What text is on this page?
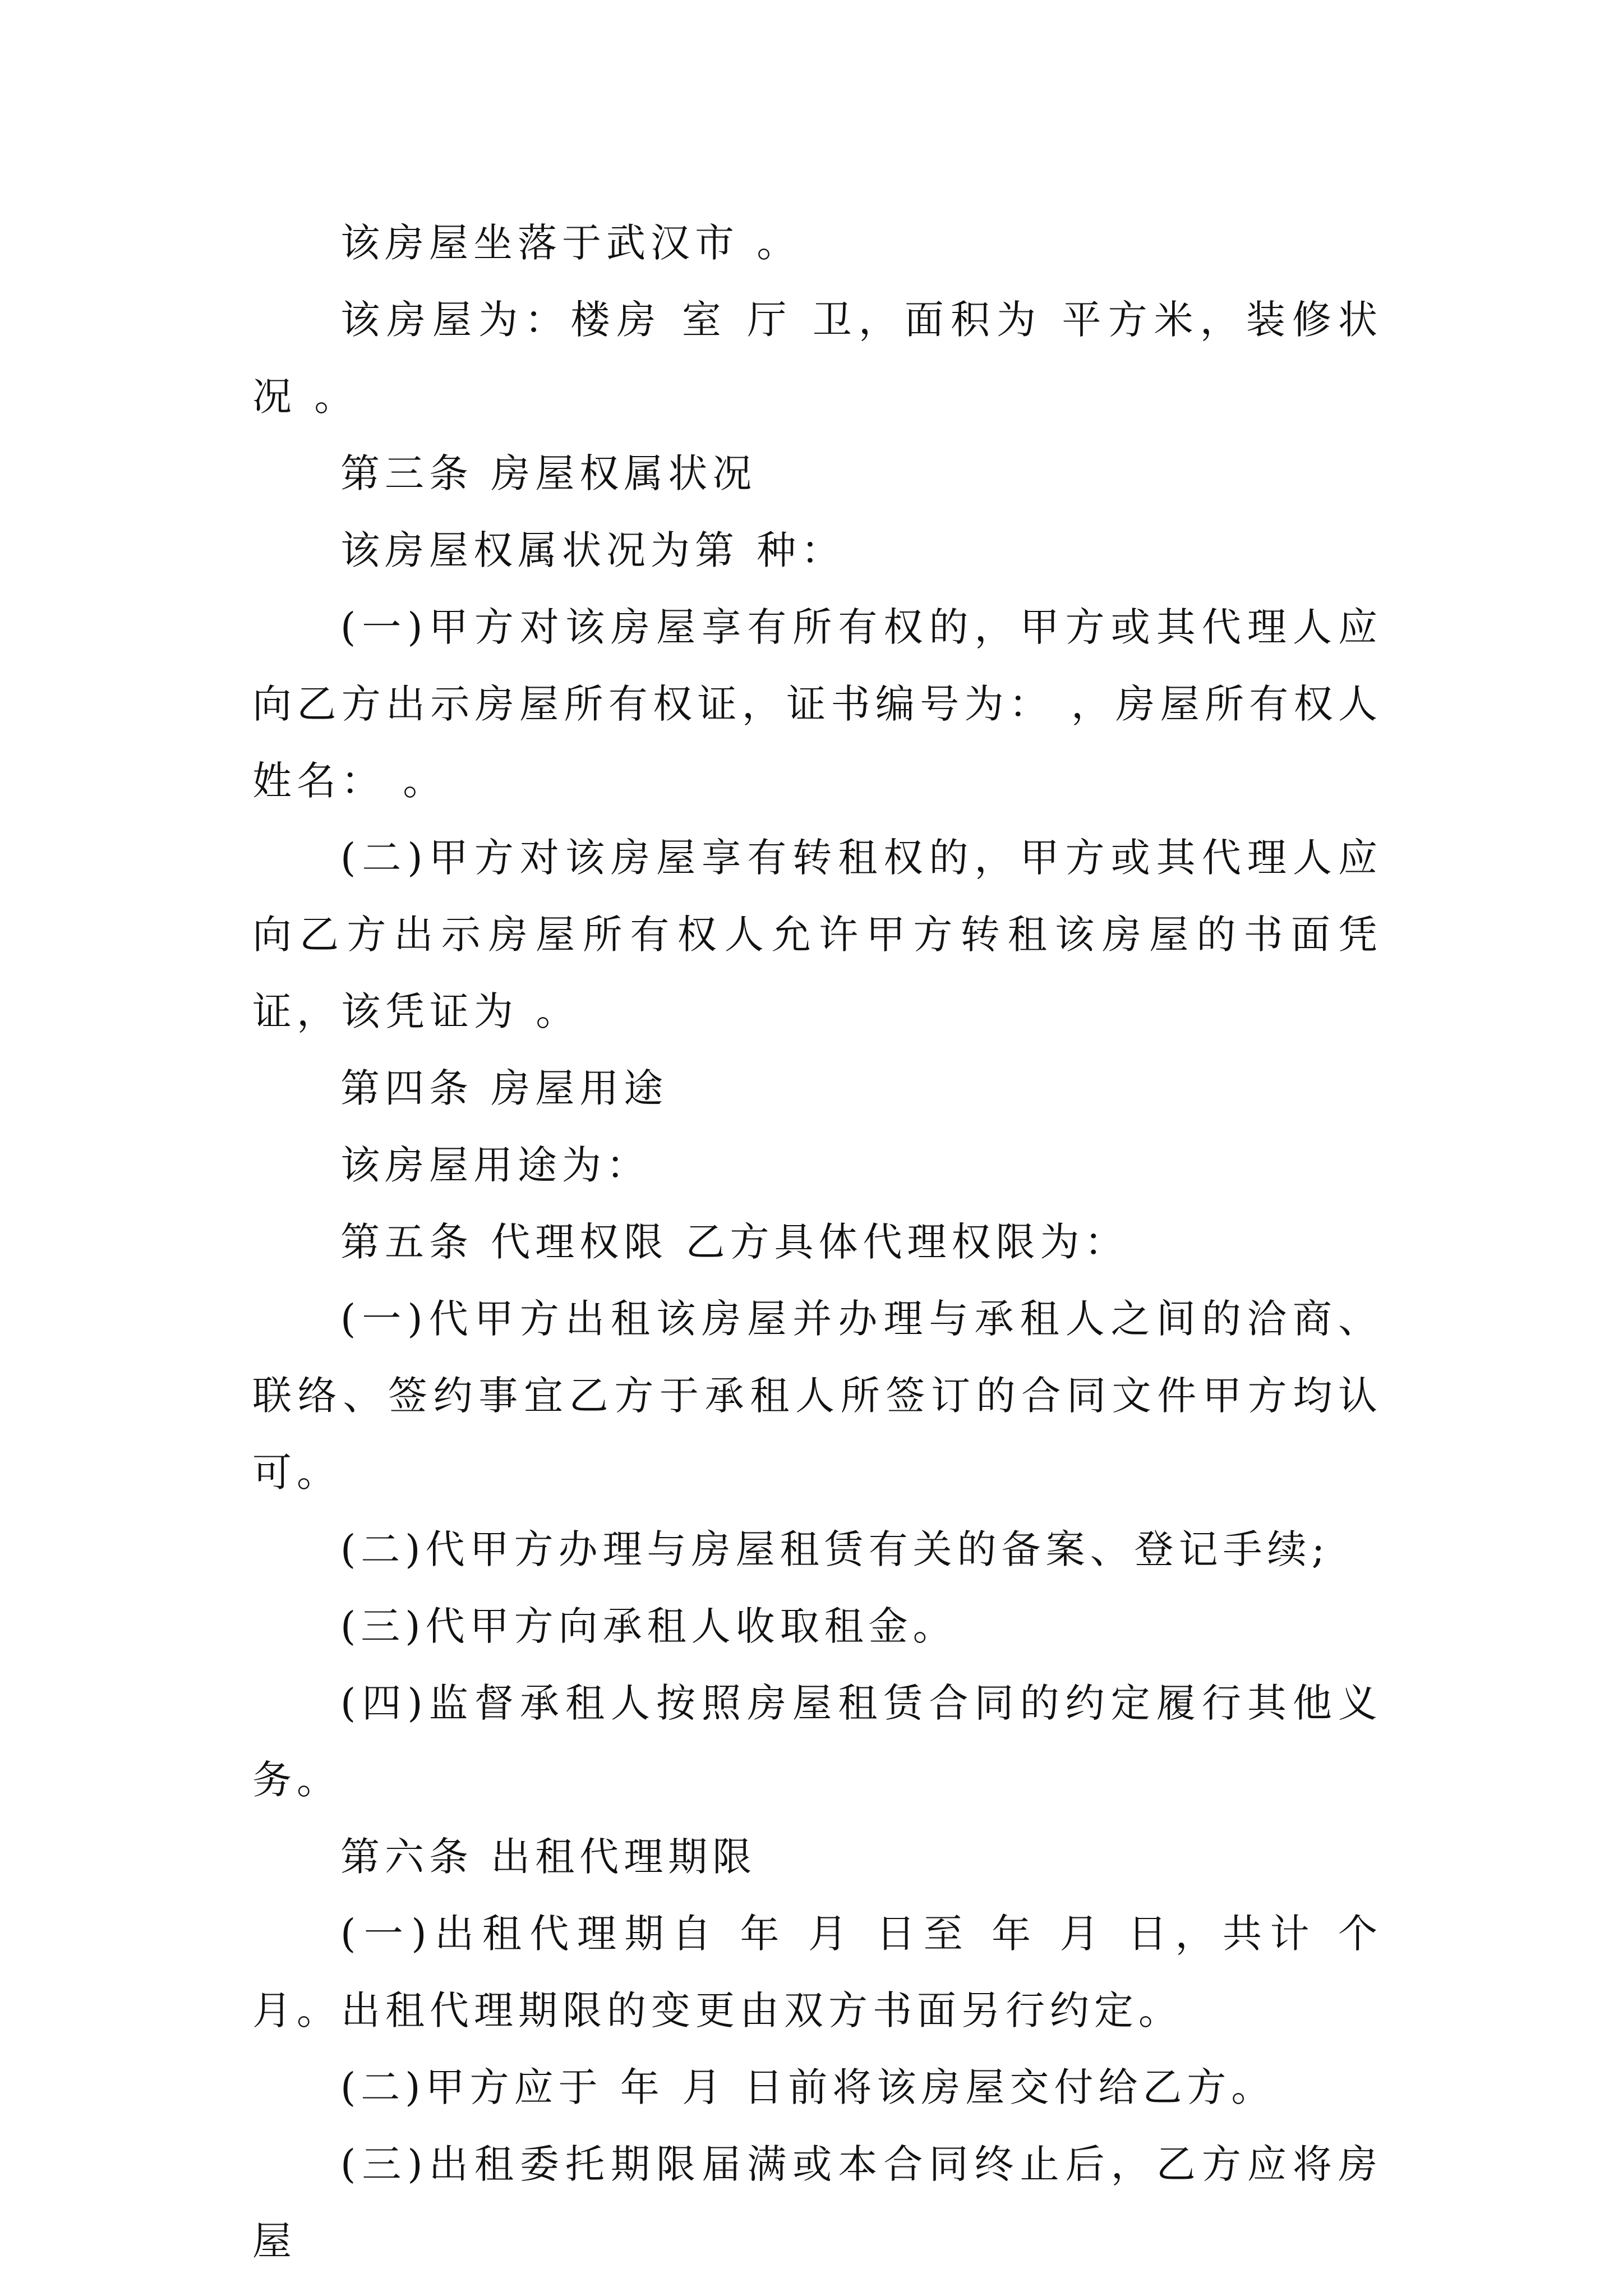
该房屋坐落于武汉市 。

该房屋为：楼房 室 厅 卫，面积为 平方米，装修状况 。

第三条 房屋权属状况

该房屋权属状况为第 种：

(一)甲方对该房屋享有所有权的，甲方或其代理人应向乙方出示房屋所有权证，证书编号为： ，房屋所有权人姓名： 。

(二)甲方对该房屋享有转租权的，甲方或其代理人应向乙方出示房屋所有权人允许甲方转租该房屋的书面凭证，该凭证为 。

第四条 房屋用途

该房屋用途为：

第五条 代理权限 乙方具体代理权限为：

(一)代甲方出租该房屋并办理与承租人之间的洽商、联络、签约事宜乙方于承租人所签订的合同文件甲方均认可。

(二)代甲方办理与房屋租赁有关的备案、登记手续;

(三)代甲方向承租人收取租金。

(四)监督承租人按照房屋租赁合同的约定履行其他义务。

第六条 出租代理期限

(一)出租代理期自 年 月 日至 年 月 日，共计 个月。出租代理期限的变更由双方书面另行约定。

(二)甲方应于 年 月 日前将该房屋交付给乙方。

(三)出租委托期限届满或本合同终止后，乙方应将房屋
